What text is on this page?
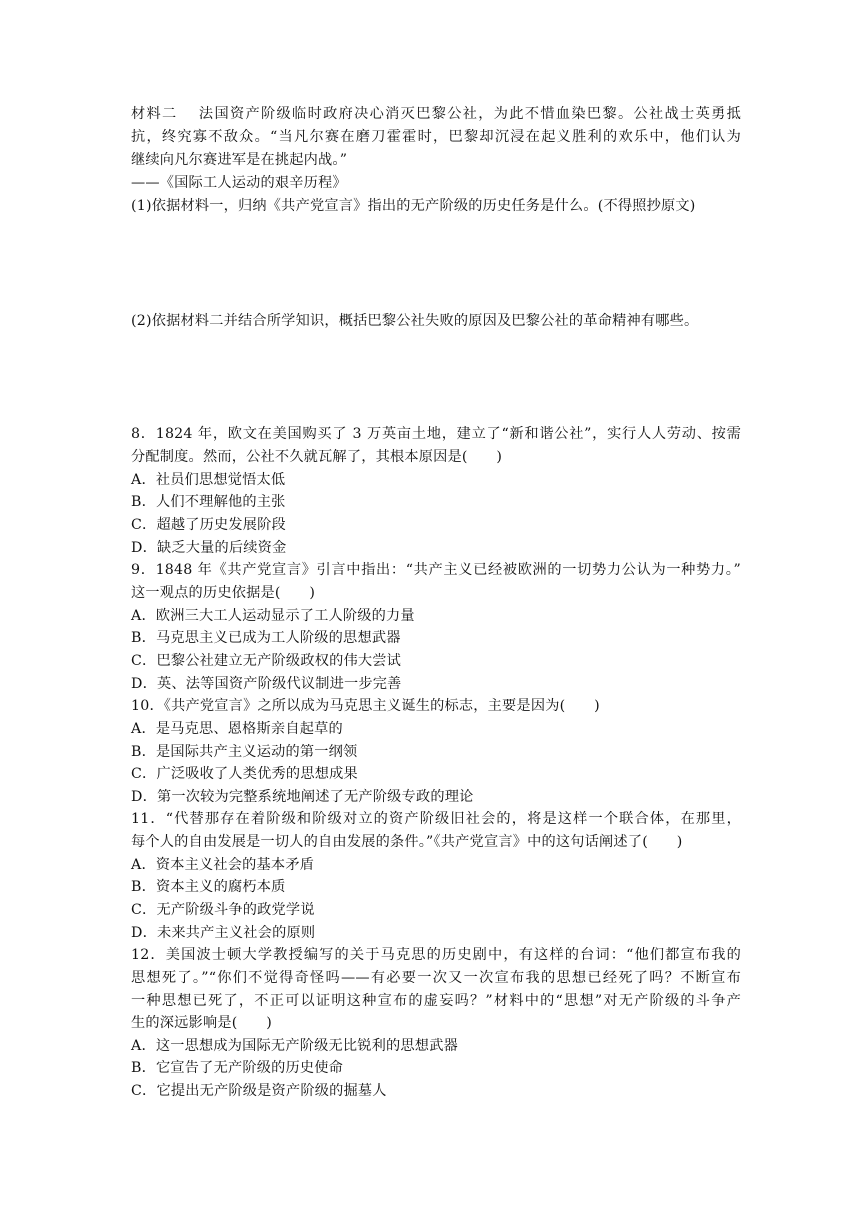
材料二　 法国资产阶级临时政府决心消灭巴黎公社，为此不惜血染巴黎。公社战士英勇抵
抗，终究寡不敌众。“当凡尔赛在磨刀霍霍时，巴黎却沉浸在起义胜利的欢乐中，他们认为
继续向凡尔赛进军是在挑起内战。”
——《国际工人运动的艰辛历程》
(1)依据材料一，归纳《共产党宣言》指出的无产阶级的历史任务是什么。(不得照抄原文)
(2)依据材料二并结合所学知识，概括巴黎公社失败的原因及巴黎公社的革命精神有哪些。
8．1824 年，欧文在美国购买了 3 万英亩土地，建立了“新和谐公社”，实行人人劳动、按需
分配制度。然而，公社不久就瓦解了，其根本原因是(　　)
A．社员们思想觉悟太低
B．人们不理解他的主张
C．超越了历史发展阶段
D．缺乏大量的后续资金
9．1848 年《共产党宣言》引言中指出：“共产主义已经被欧洲的一切势力公认为一种势力。”
这一观点的历史依据是(　　)
A．欧洲三大工人运动显示了工人阶级的力量
B．马克思主义已成为工人阶级的思想武器
C．巴黎公社建立无产阶级政权的伟大尝试
D．英、法等国资产阶级代议制进一步完善
10．《共产党宣言》之所以成为马克思主义诞生的标志，主要是因为(　　)
A．是马克思、恩格斯亲自起草的
B．是国际共产主义运动的第一纲领
C．广泛吸收了人类优秀的思想成果
D．第一次较为完整系统地阐述了无产阶级专政的理论
11．“代替那存在着阶级和阶级对立的资产阶级旧社会的，将是这样一个联合体，在那里，
每个人的自由发展是一切人的自由发展的条件。”《共产党宣言》中的这句话阐述了(　　)
A．资本主义社会的基本矛盾
B．资本主义的腐朽本质
C．无产阶级斗争的政党学说
D．未来共产主义社会的原则
12．美国波士顿大学教授编写的关于马克思的历史剧中，有这样的台词：“他们都宣布我的
思想死了。”“你们不觉得奇怪吗——有必要一次又一次宣布我的思想已经死了吗？不断宣布
一种思想已死了，不正可以证明这种宣布的虚妄吗？”材料中的“思想”对无产阶级的斗争产
生的深远影响是(　　)
A．这一思想成为国际无产阶级无比锐利的思想武器
B．它宣告了无产阶级的历史使命
C．它提出无产阶级是资产阶级的掘墓人
